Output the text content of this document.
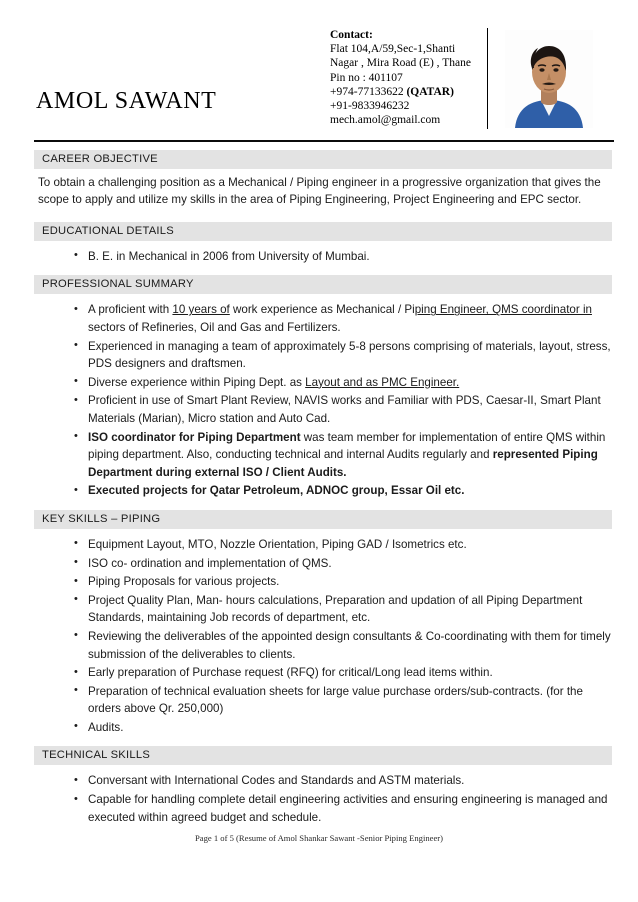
AMOL SAWANT
Contact:
Flat 104,A/59,Sec-1,Shanti
Nagar , Mira Road (E) , Thane
Pin no : 401107
+974-77133622 (QATAR)
+91-9833946232
mech.amol@gmail.com
CAREER OBJECTIVE
To obtain a challenging position as a Mechanical / Piping engineer in a progressive organization that gives the scope to apply and utilize my skills in the area of Piping Engineering, Project Engineering and EPC sector.
EDUCATIONAL DETAILS
• B. E. in Mechanical in 2006 from University of Mumbai.
PROFESSIONAL SUMMARY
• A proficient with 10 years of work experience as Mechanical / Piping Engineer, QMS coordinator in sectors of Refineries, Oil and Gas and Fertilizers.
• Experienced in managing a team of approximately 5-8 persons comprising of materials, layout, stress, PDS designers and draftsmen.
• Diverse experience within Piping Dept. as Layout and as PMC Engineer.
• Proficient in use of Smart Plant Review, NAVIS works and Familiar with PDS, Caesar-II, Smart Plant Materials (Marian), Micro station and Auto Cad.
• ISO coordinator for Piping Department was team member for implementation of entire QMS within piping department. Also, conducting technical and internal Audits regularly and represented Piping Department during external ISO / Client Audits.
• Executed projects for Qatar Petroleum, ADNOC group, Essar Oil etc.
KEY SKILLS – PIPING
• Equipment Layout, MTO, Nozzle Orientation, Piping GAD / Isometrics etc.
• ISO co- ordination and implementation of QMS.
• Piping Proposals for various projects.
• Project Quality Plan, Man- hours calculations, Preparation and updation of all Piping Department Standards, maintaining Job records of department, etc.
• Reviewing the deliverables of the appointed design consultants & Co-coordinating with them for timely submission of the deliverables to clients.
• Early preparation of Purchase request (RFQ) for critical/Long lead items within.
• Preparation of technical evaluation sheets for large value purchase orders/sub-contracts. (for the orders above Qr. 250,000)
• Audits.
TECHNICAL SKILLS
• Conversant with International Codes and Standards and ASTM materials.
• Capable for handling complete detail engineering activities and ensuring engineering is managed and executed within agreed budget and schedule.
Page 1 of 5 (Resume of Amol Shankar Sawant -Senior Piping Engineer)
